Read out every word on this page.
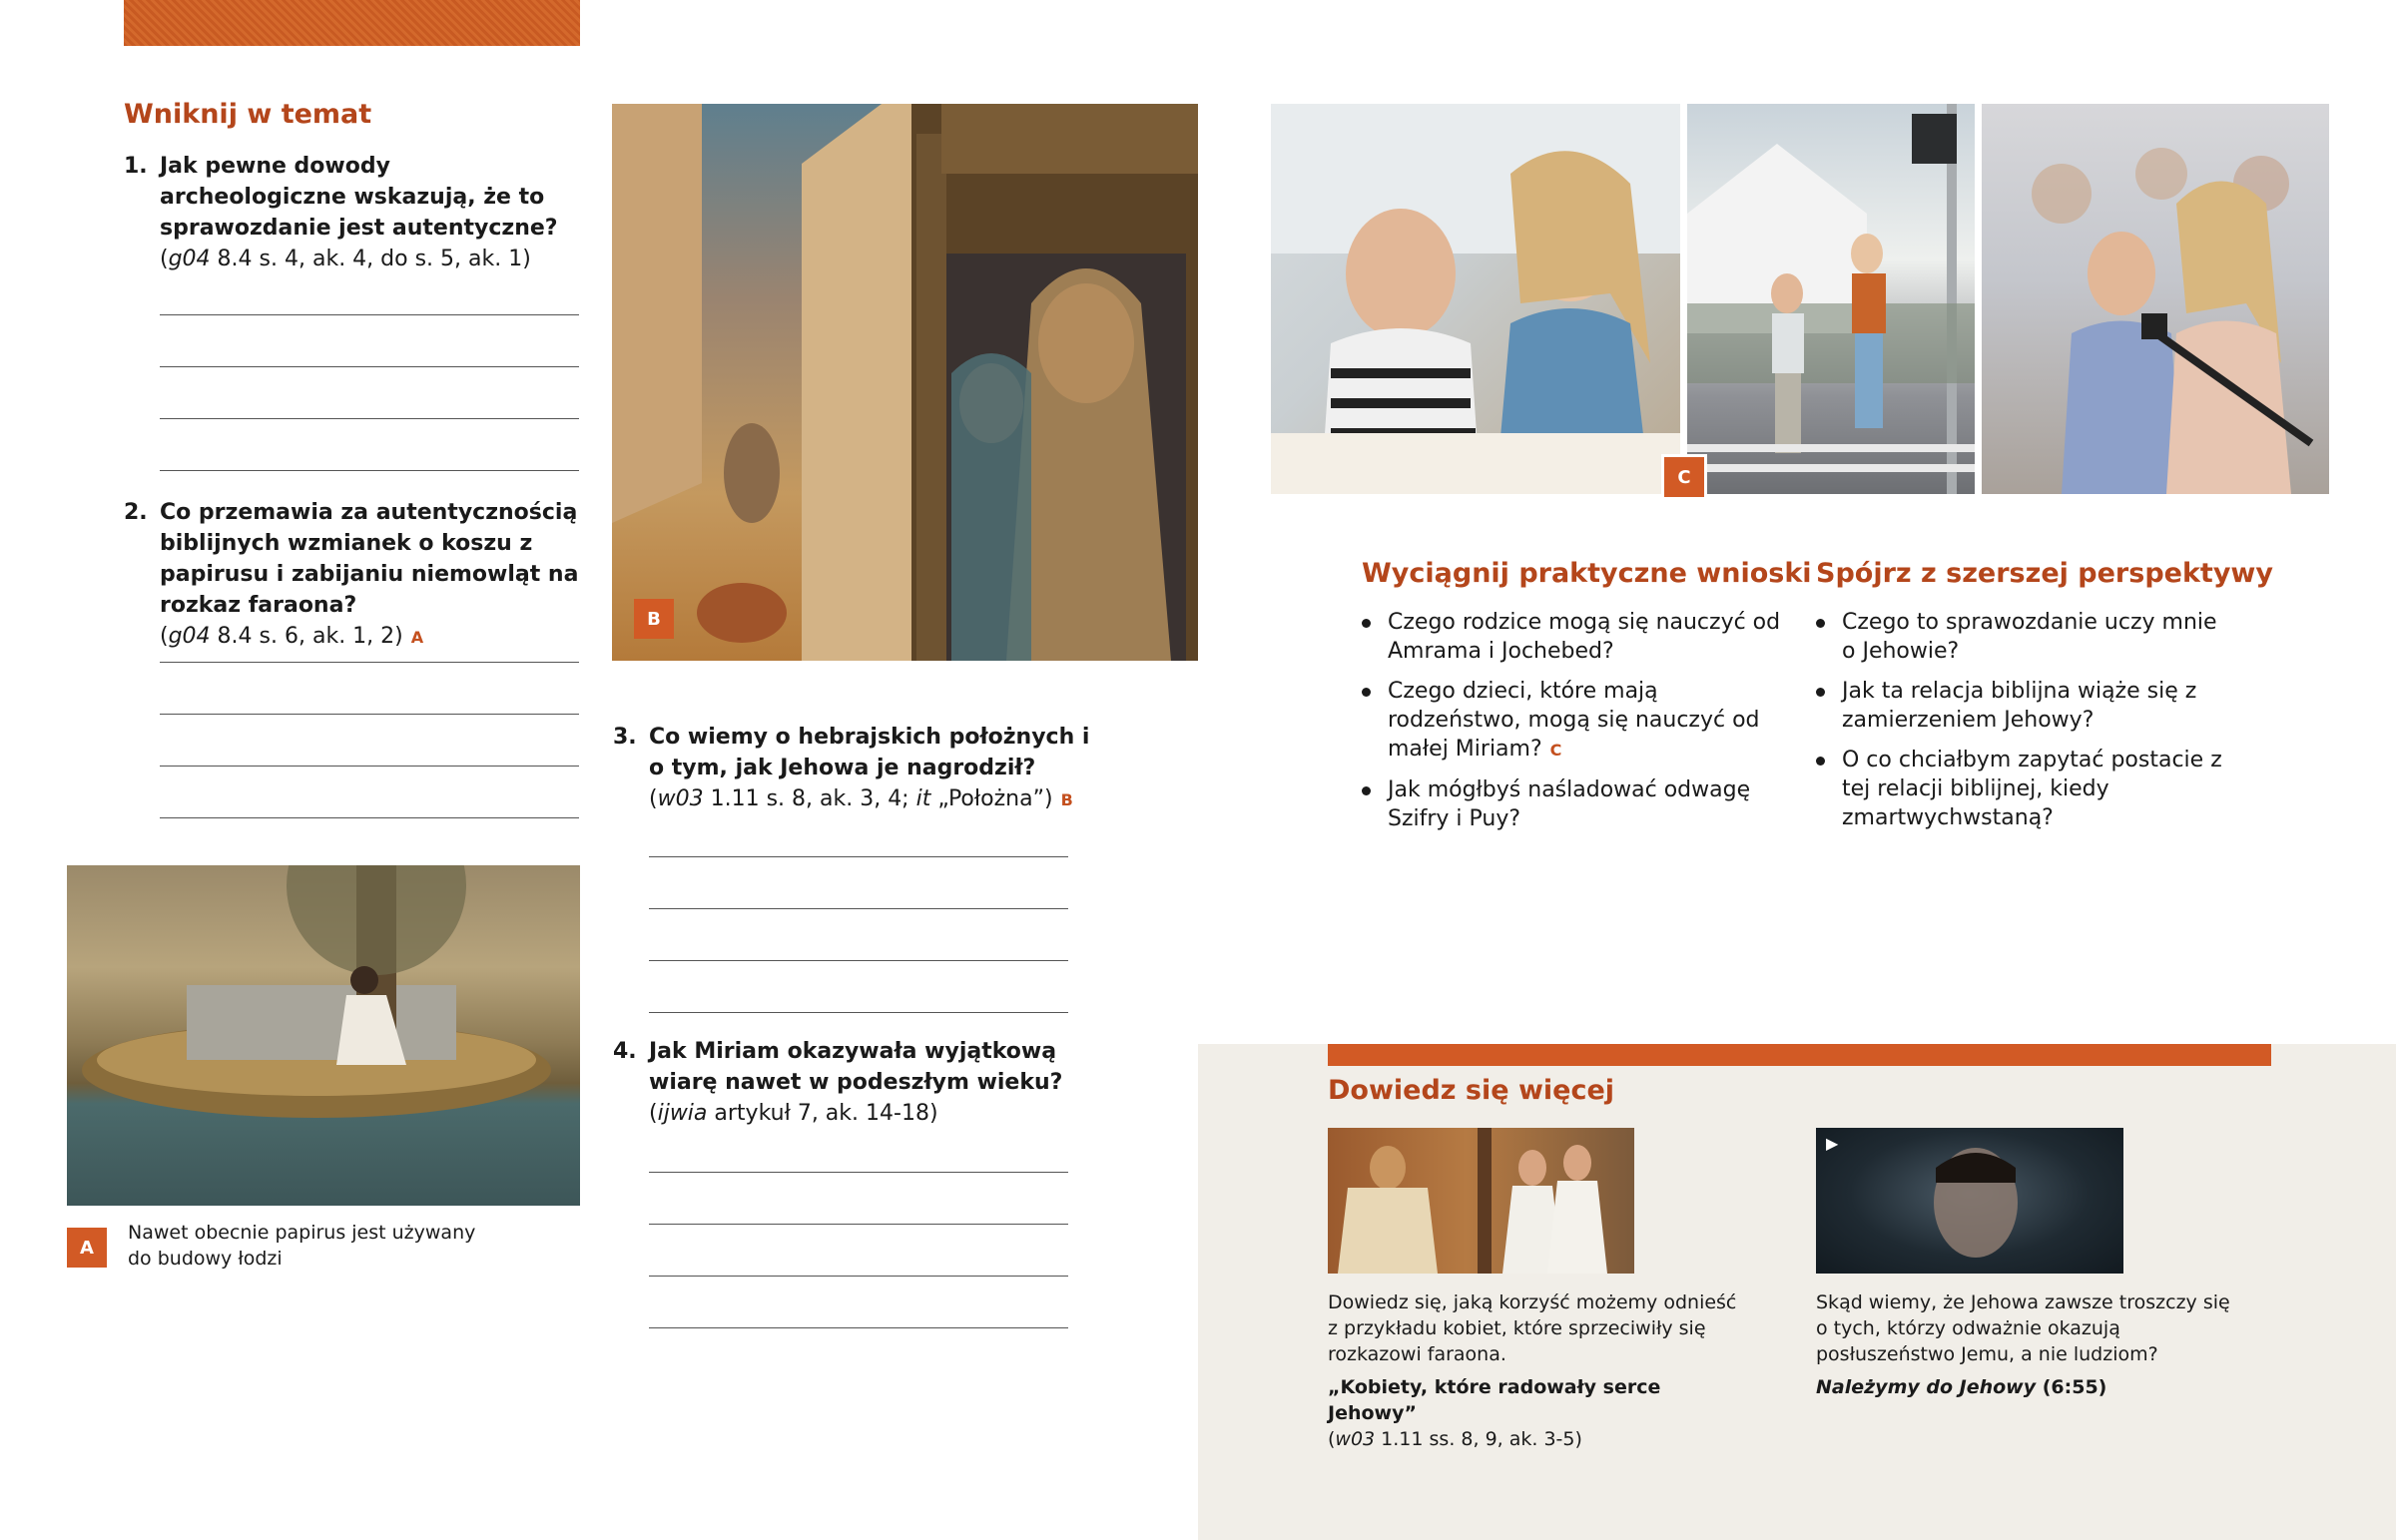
Wniknij w temat
1. Jak pewne dowody archeologiczne wskazują, że to sprawozdanie jest autentyczne? (g04 8.4 s. 4, ak. 4, do s. 5, ak. 1)
2. Co przemawia za autentycznością biblijnych wzmianek o koszu z papirusu i zabijaniu niemowląt na rozkaz faraona?
(g04 8.4 s. 6, ak. 1, 2) A
A
Nawet obecnie papirus jest używany do budowy łodzi
B
3. Co wiemy o hebrajskich położnych i o tym, jak Jehowa je nagrodził?
(w03 1.11 s. 8, ak. 3, 4; it „Położna”) B
4. Jak Miriam okazywała wyjątkową wiarę nawet w podeszłym wieku?
(ijwia artykuł 7, ak. 14-18)
C
Wyciągnij praktyczne wnioski
Czego rodzice mogą się nauczyć od Amrama i Jochebed?
Czego dzieci, które mają rodzeństwo, mogą się nauczyć od małej Miriam? C
Jak mógłbyś naśladować odwagę Szifry i Puy?
Spójrz z szerszej perspektywy
Czego to sprawozdanie uczy mnie o Jehowie?
Jak ta relacja biblijna wiąże się z zamierzeniem Jehowy?
O co chciałbym zapytać postacie z tej relacji biblijnej, kiedy zmartwychwstaną?
Dowiedz się więcej
Dowiedz się, jaką korzyść możemy odnieść z przykładu kobiet, które sprzeciwiły się rozkazowi faraona.
„Kobiety, które radowały serce Jehowy”
(w03 1.11 ss. 8, 9, ak. 3-5)
▶
Skąd wiemy, że Jehowa zawsze troszczy się o tych, którzy odważnie okazują posłuszeństwo Jemu, a nie ludziom?
Należymy do Jehowy (6:55)
